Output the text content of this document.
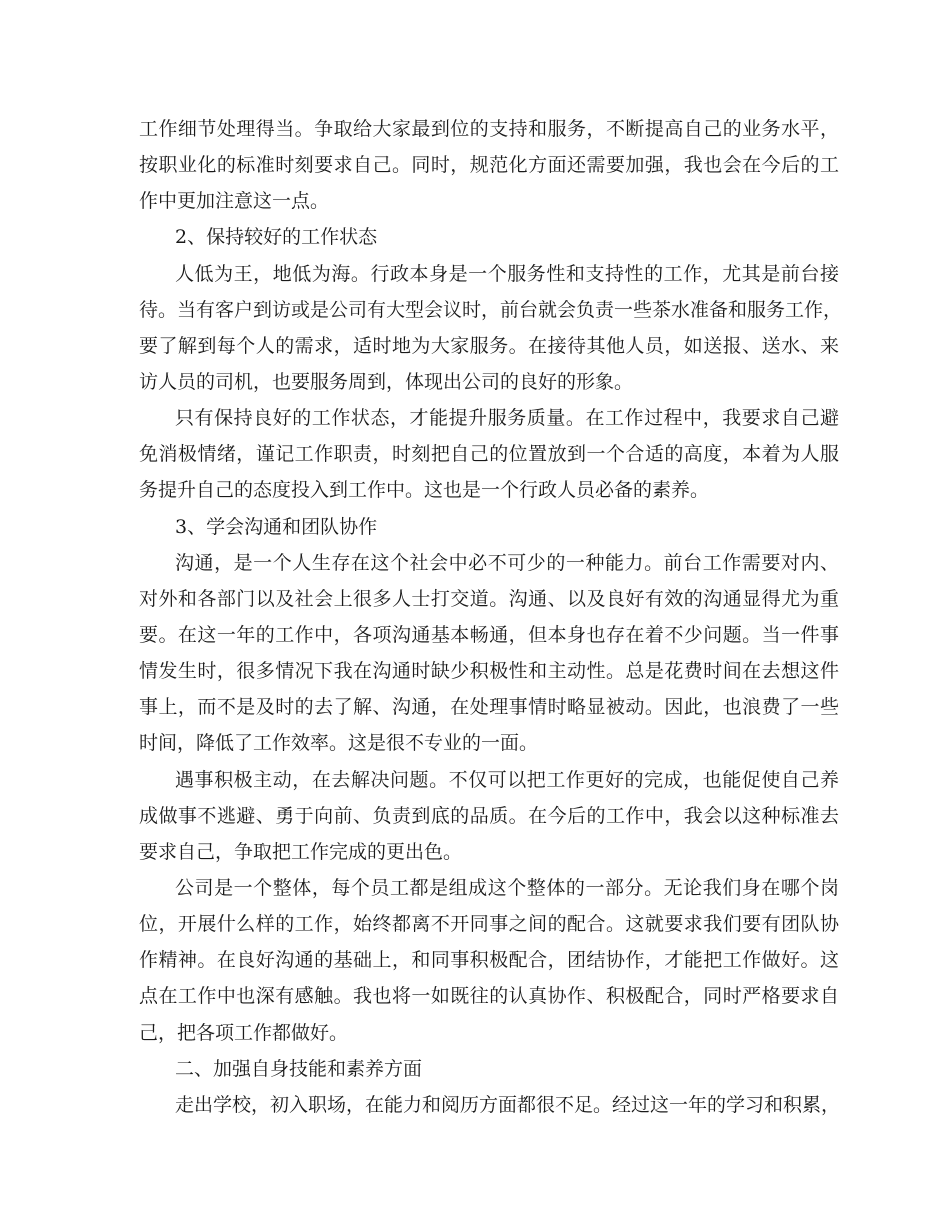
工作细节处理得当。争取给大家最到位的支持和服务，不断提高自己的业务水平，
按职业化的标准时刻要求自己。同时，规范化方面还需要加强，我也会在今后的工
作中更加注意这一点。
2、保持较好的工作状态
人低为王，地低为海。行政本身是一个服务性和支持性的工作，尤其是前台接
待。当有客户到访或是公司有大型会议时，前台就会负责一些茶水准备和服务工作，
要了解到每个人的需求，适时地为大家服务。在接待其他人员，如送报、送水、来
访人员的司机，也要服务周到，体现出公司的良好的形象。
只有保持良好的工作状态，才能提升服务质量。在工作过程中，我要求自己避
免消极情绪，谨记工作职责，时刻把自己的位置放到一个合适的高度，本着为人服
务提升自己的态度投入到工作中。这也是一个行政人员必备的素养。
3、学会沟通和团队协作
沟通，是一个人生存在这个社会中必不可少的一种能力。前台工作需要对内、
对外和各部门以及社会上很多人士打交道。沟通、以及良好有效的沟通显得尤为重
要。在这一年的工作中，各项沟通基本畅通，但本身也存在着不少问题。当一件事
情发生时，很多情况下我在沟通时缺少积极性和主动性。总是花费时间在去想这件
事上，而不是及时的去了解、沟通，在处理事情时略显被动。因此，也浪费了一些
时间，降低了工作效率。这是很不专业的一面。
遇事积极主动，在去解决问题。不仅可以把工作更好的完成，也能促使自己养
成做事不逃避、勇于向前、负责到底的品质。在今后的工作中，我会以这种标准去
要求自己，争取把工作完成的更出色。
公司是一个整体，每个员工都是组成这个整体的一部分。无论我们身在哪个岗
位，开展什么样的工作，始终都离不开同事之间的配合。这就要求我们要有团队协
作精神。在良好沟通的基础上，和同事积极配合，团结协作，才能把工作做好。这
点在工作中也深有感触。我也将一如既往的认真协作、积极配合，同时严格要求自
己，把各项工作都做好。
二、加强自身技能和素养方面
走出学校，初入职场，在能力和阅历方面都很不足。经过这一年的学习和积累，
